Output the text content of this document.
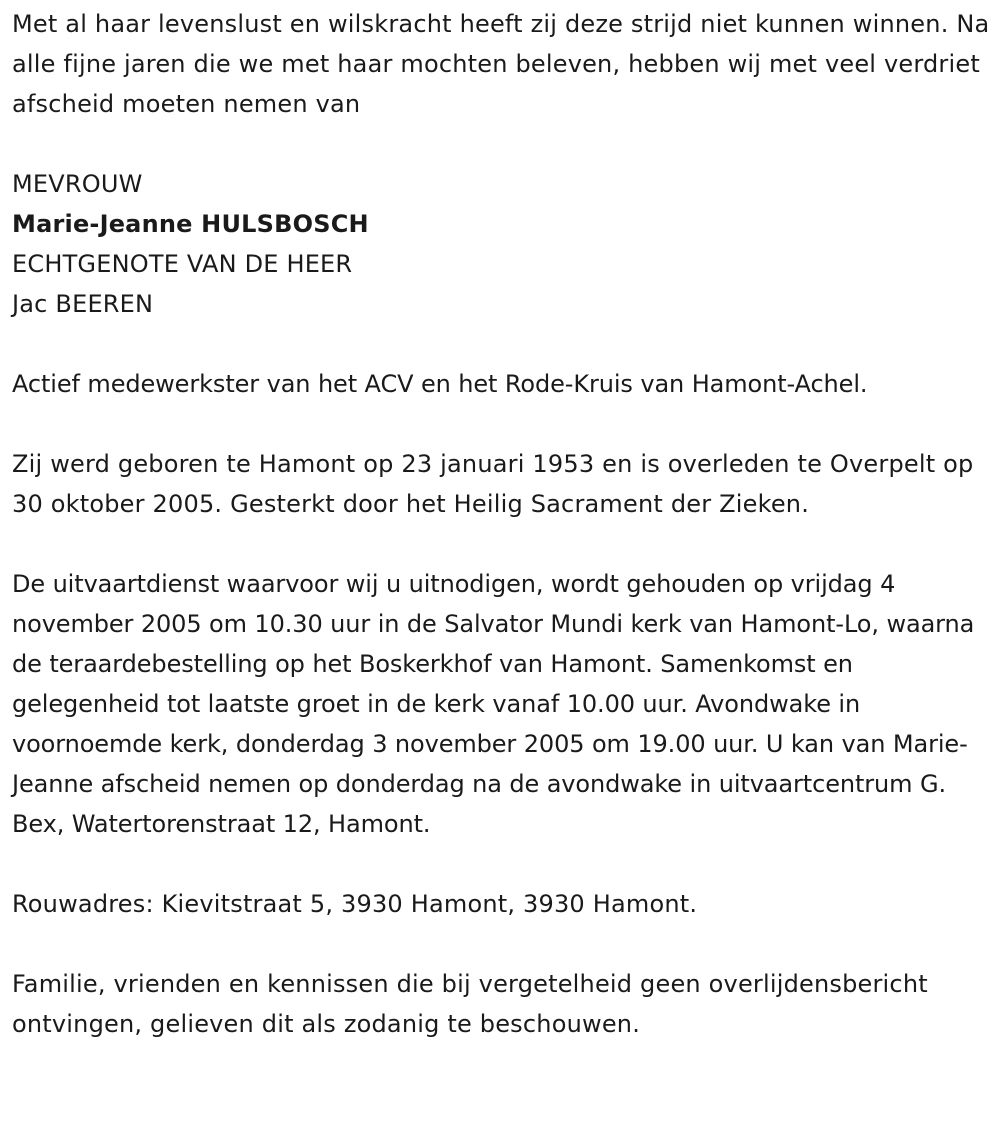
Met al haar levenslust en wilskracht heeft zij deze strijd niet kunnen winnen. Na alle fijne jaren die we met haar mochten beleven, hebben wij met veel verdriet afscheid moeten nemen van

MEVROUW

Marie-Jeanne HULSBOSCH

ECHTGENOTE VAN DE HEER

Jac BEEREN

Actief medewerkster van het ACV en het Rode-Kruis van Hamont-Achel.

Zij werd geboren te Hamont op 23 januari 1953 en is overleden te Overpelt op 30 oktober 2005. Gesterkt door het Heilig Sacrament der Zieken.

De uitvaartdienst waarvoor wij u uitnodigen, wordt gehouden op vrijdag 4 november 2005 om 10.30 uur in de Salvator Mundi kerk van Hamont-Lo, waarna de teraardebestelling op het Boskerkhof van Hamont. Samenkomst en gelegenheid tot laatste groet in de kerk vanaf 10.00 uur. Avondwake in voornoemde kerk, donderdag 3 november 2005 om 19.00 uur. U kan van Marie-Jeanne afscheid nemen op donderdag na de avondwake in uitvaartcentrum G. Bex, Watertorenstraat 12, Hamont.

Rouwadres: Kievitstraat 5, 3930 Hamont, 3930 Hamont.

Familie, vrienden en kennissen die bij vergetelheid geen overlijdensbericht ontvingen, gelieven dit als zodanig te beschouwen.
